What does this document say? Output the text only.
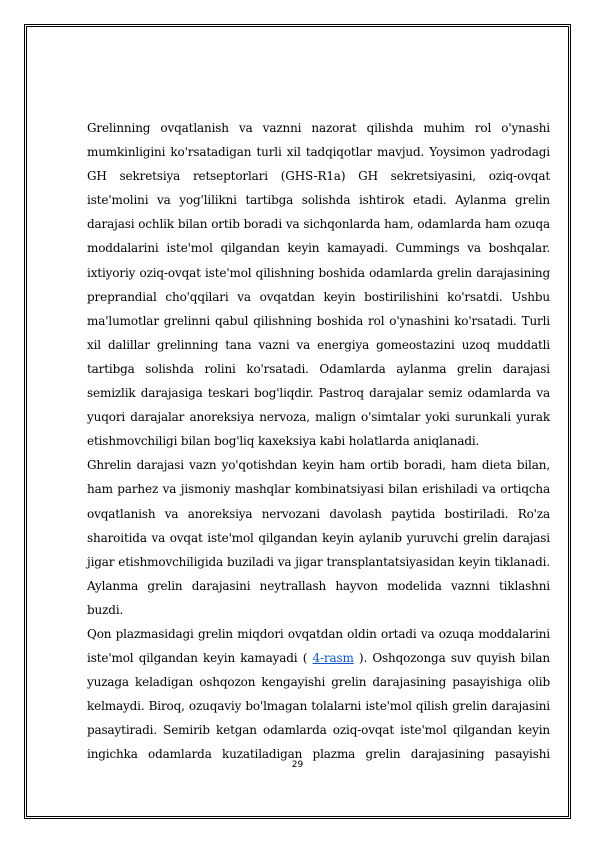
Grelinning ovqatlanish va vaznni nazorat qilishda muhim rol o'ynashi mumkinligini ko'rsatadigan turli xil tadqiqotlar mavjud. Yoysimon yadrodagi GH sekretsiya retseptorlari (GHS-R1a) GH sekretsiyasini, oziq-ovqat iste'molini va yog'lilikni tartibga solishda ishtirok etadi. Aylanma grelin darajasi ochlik bilan ortib boradi va sichqonlarda ham, odamlarda ham ozuqa moddalarini iste'mol qilgandan keyin kamayadi. Cummings va boshqalar. ixtiyoriy oziq-ovqat iste'mol qilishning boshida odamlarda grelin darajasining preprandial cho'qqilari va ovqatdan keyin bostirilishini ko'rsatdi. Ushbu ma'lumotlar grelinni qabul qilishning boshida rol o'ynashini ko'rsatadi. Turli xil dalillar grelinning tana vazni va energiya gomeostazini uzoq muddatli tartibga solishda rolini ko'rsatadi. Odamlarda aylanma grelin darajasi semizlik darajasiga teskari bog'liqdir. Pastroq darajalar semiz odamlarda va yuqori darajalar anoreksiya nervoza, malign o'simtalar yoki surunkali yurak etishmovchiligi bilan bog'liq kaxeksiya kabi holatlarda aniqlanadi.

Ghrelin darajasi vazn yo'qotishdan keyin ham ortib boradi, ham dieta bilan, ham parhez va jismoniy mashqlar kombinatsiyasi bilan erishiladi va ortiqcha ovqatlanish va anoreksiya nervozani davolash paytida bostiriladi. Ro'za sharoitida va ovqat iste'mol qilgandan keyin aylanib yuruvchi grelin darajasi jigar etishmovchiligida buziladi va jigar transplantatsiyasidan keyin tiklanadi. Aylanma grelin darajasini neytrallash hayvon modelida vaznni tiklashni buzdi.

Qon plazmasidagi grelin miqdori ovqatdan oldin ortadi va ozuqa moddalarini iste'mol qilgandan keyin kamayadi ( 4-rasm ). Oshqozonga suv quyish bilan yuzaga keladigan oshqozon kengayishi grelin darajasining pasayishiga olib kelmaydi. Biroq, ozuqaviy bo'lmagan tolalarni iste'mol qilish grelin darajasini pasaytiradi. Semirib ketgan odamlarda oziq-ovqat iste'mol qilgandan keyin ingichka odamlarda kuzatiladigan plazma grelin darajasining pasayishi

29
